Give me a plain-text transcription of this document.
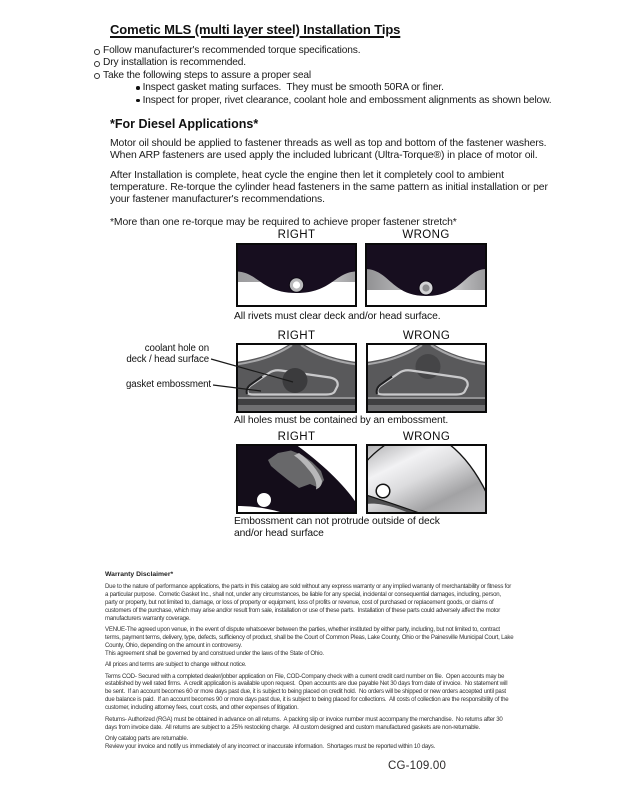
Cometic MLS (multi layer steel) Installation Tips
Follow manufacturer's recommended torque specifications.
Dry installation is recommended.
Take the following steps to assure a proper seal
Inspect gasket mating surfaces.  They must be smooth 50RA or finer.
Inspect for proper, rivet clearance, coolant hole and embossment alignments as shown below.
*For Diesel Applications*

Motor oil should be applied to fastener threads as well as top and bottom of the fastener washers. When ARP fasteners are used apply the included lubricant (Ultra-Torque®) in place of motor oil.

After Installation is complete, heat cycle the engine then let it completely cool to ambient temperature. Re-torque the cylinder head fasteners in the same pattern as initial installation or per your fastener manufacturer's recommendations.

*More than one re-torque may be required to achieve proper fastener stretch*

RIGHT	WRONG
All rivets must clear deck and/or head surface.
RIGHT	WRONG
coolant hole on
deck / head surface
gasket embossment
All holes must be contained by an embossment.
RIGHT	WRONG
Embossment can not protrude outside of deck and/or head surface
Warranty Disclaimer*

Due to the nature of performance applications, the parts in this catalog are sold without any express warranty or any implied warranty of merchantability or fitness for a particular purpose.  Cometic Gasket Inc., shall not, under any circumstances, be liable for any special, incidental or consequential damages, including, person, party or property, but not limited to, damage, or loss of property or equipment, loss of profits or revenue, cost of purchased or replacement goods, or claims of customers of the purchase, which may arise and/or result from sale, installation or use of these parts.  Installation of these parts could adversely affect the motor manufacturers warranty coverage.

VENUE-The agreed upon venue, in the event of dispute whatsoever between the parties, whether instituted by either party, including, but not limited to, contract terms, payment terms, delivery, type, defects, sufficiency of product, shall be the Court of Common Pleas, Lake County, Ohio or the Painesville Municipal Court, Lake County, Ohio, depending on the amount in controversy.

This agreement shall be governed by and construed under the laws of the State of Ohio.

All prices and terms are subject to change without notice.

Terms COD- Secured with a completed dealer/jobber application on File, COD-Company check with a current credit card number on file.  Open accounts may be established by well rated firms.  A credit application is available upon request.  Open accounts are due payable Net 30 days from date of invoice.  No statement will be sent.  If an account becomes 60 or more days past due, it is subject to being placed on credit hold.  No orders will be shipped or new orders accepted until past due balance is paid.  If an account becomes 90 or more days past due, it is subject to being placed for collections.  All costs of collection are the responsibility of the customer, including attorney fees, court costs, and other expenses of litigation.

Returns- Authorized (RGA) must be obtained in advance on all returns.  A packing slip or invoice number must accompany the merchandise.  No returns after 30 days from invoice date.  All returns are subject to a 25% restocking charge.  All custom designed and custom manufactured gaskets are non-returnable.

Only catalog parts are returnable.

Review your invoice and notify us immediately of any incorrect or inaccurate information.  Shortages must be reported within 10 days.

CG-109.00
